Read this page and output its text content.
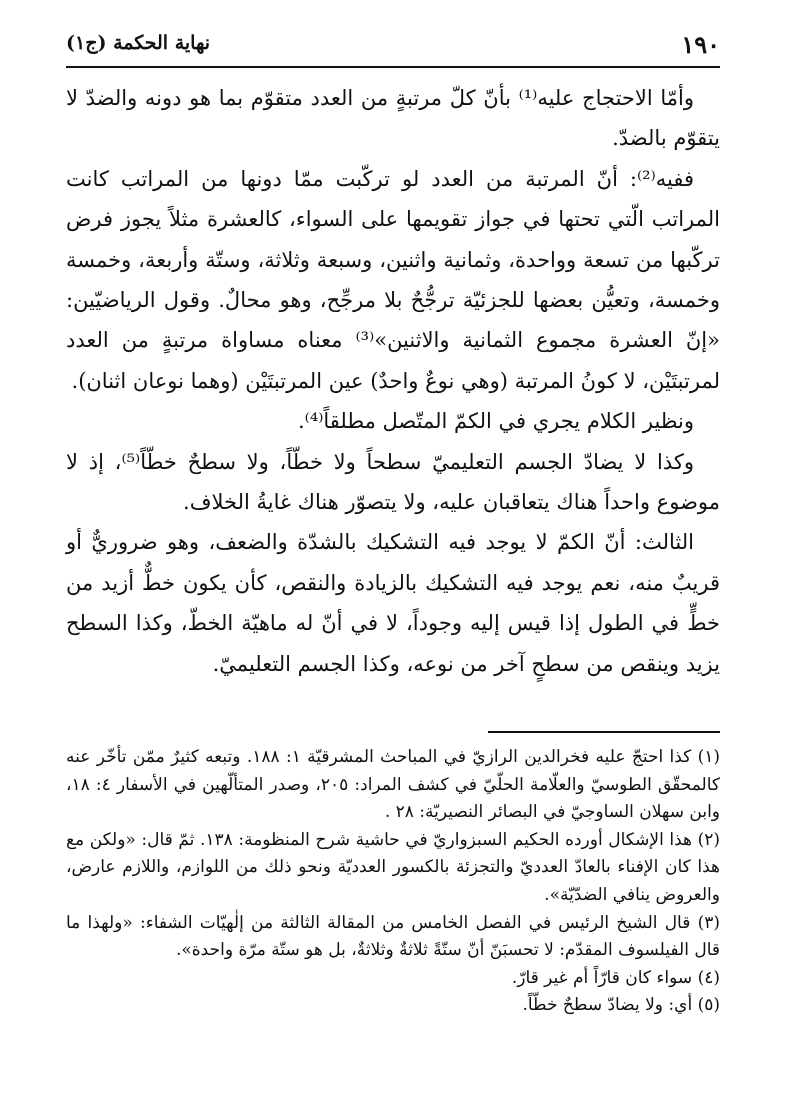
١٩٠
نهاية الحكمة (ج١)

وأمّا الاحتجاج عليه⁽¹⁾ بأنّ كلّ مرتبةٍ من العدد متقوّم بما هو دونه والضدّ لا يتقوّم بالضدّ.

ففيه⁽²⁾: أنّ المرتبة من العدد لو تركّبت ممّا دونها من المراتب كانت المراتب الّتي تحتها في جواز تقويمها على السواء، كالعشرة مثلاً يجوز فرض تركّبها من تسعة وواحدة، وثمانية واثنين، وسبعة وثلاثة، وستّة وأربعة، وخمسة وخمسة، وتعيُّن بعضها للجزئيّة ترجُّحٌ بلا مرجِّح، وهو محالٌ. وقول الرياضيّين: «إنّ العشرة مجموع الثمانية والاثنين»⁽³⁾ معناه مساواة مرتبةٍ من العدد لمرتبتَيْن، لا كونُ المرتبة (وهي نوعٌ واحدٌ) عين المرتبتَيْن (وهما نوعان اثنان).

ونظير الكلام يجري في الكمّ المتّصل مطلقاً⁽⁴⁾.

وكذا لا يضادّ الجسم التعليميّ سطحاً ولا خطّاً، ولا سطحٌ خطّاً⁽⁵⁾، إذ لا موضوع واحداً هناك يتعاقبان عليه، ولا يتصوّر هناك غايةُ الخلاف.

الثالث: أنّ الكمّ لا يوجد فيه التشكيك بالشدّة والضعف، وهو ضروريٌّ أو قريبٌ منه، نعم يوجد فيه التشكيك بالزيادة والنقص، كأن يكون خطٌّ أزيد من خطٍّ في الطول إذا قيس إليه وجوداً، لا في أنّ له ماهيّة الخطّ، وكذا السطح يزيد وينقص من سطحٍ آخر من نوعه، وكذا الجسم التعليميّ.

(١) كذا احتجّ عليه فخرالدين الرازيّ في المباحث المشرقيّة ١: ١٨٨. وتبعه كثيرٌ ممّن تأخّر عنه كالمحقّق الطوسيّ والعلّامة الحلّيّ في كشف المراد: ٢٠٥، وصدر المتألّهين في الأسفار ٤: ١٨، وابن سهلان الساوجيّ في البصائر النصيريّة: ٢٨ .

(٢) هذا الإشكال أورده الحكيم السبزواريّ في حاشية شرح المنظومة: ١٣٨. ثمّ قال: «ولكن مع هذا كان الإفناء بالعادّ العدديّ والتجزئة بالكسور العدديّة ونحو ذلك من اللوازم، واللازم عارض، والعروض ينافي الضدّيّة».

(٣) قال الشيخ الرئيس في الفصل الخامس من المقالة الثالثة من إلٰهيّات الشفاء: «ولهذا ما قال الفيلسوف المقدّم: لا تحسبَنّ أنّ ستّةً ثلاثةٌ وثلاثةٌ، بل هو ستّة مرّة واحدة».

(٤) سواء كان قارّاً أم غير قارّ.

(٥) أي: ولا يضادّ سطحٌ خطّاً.
